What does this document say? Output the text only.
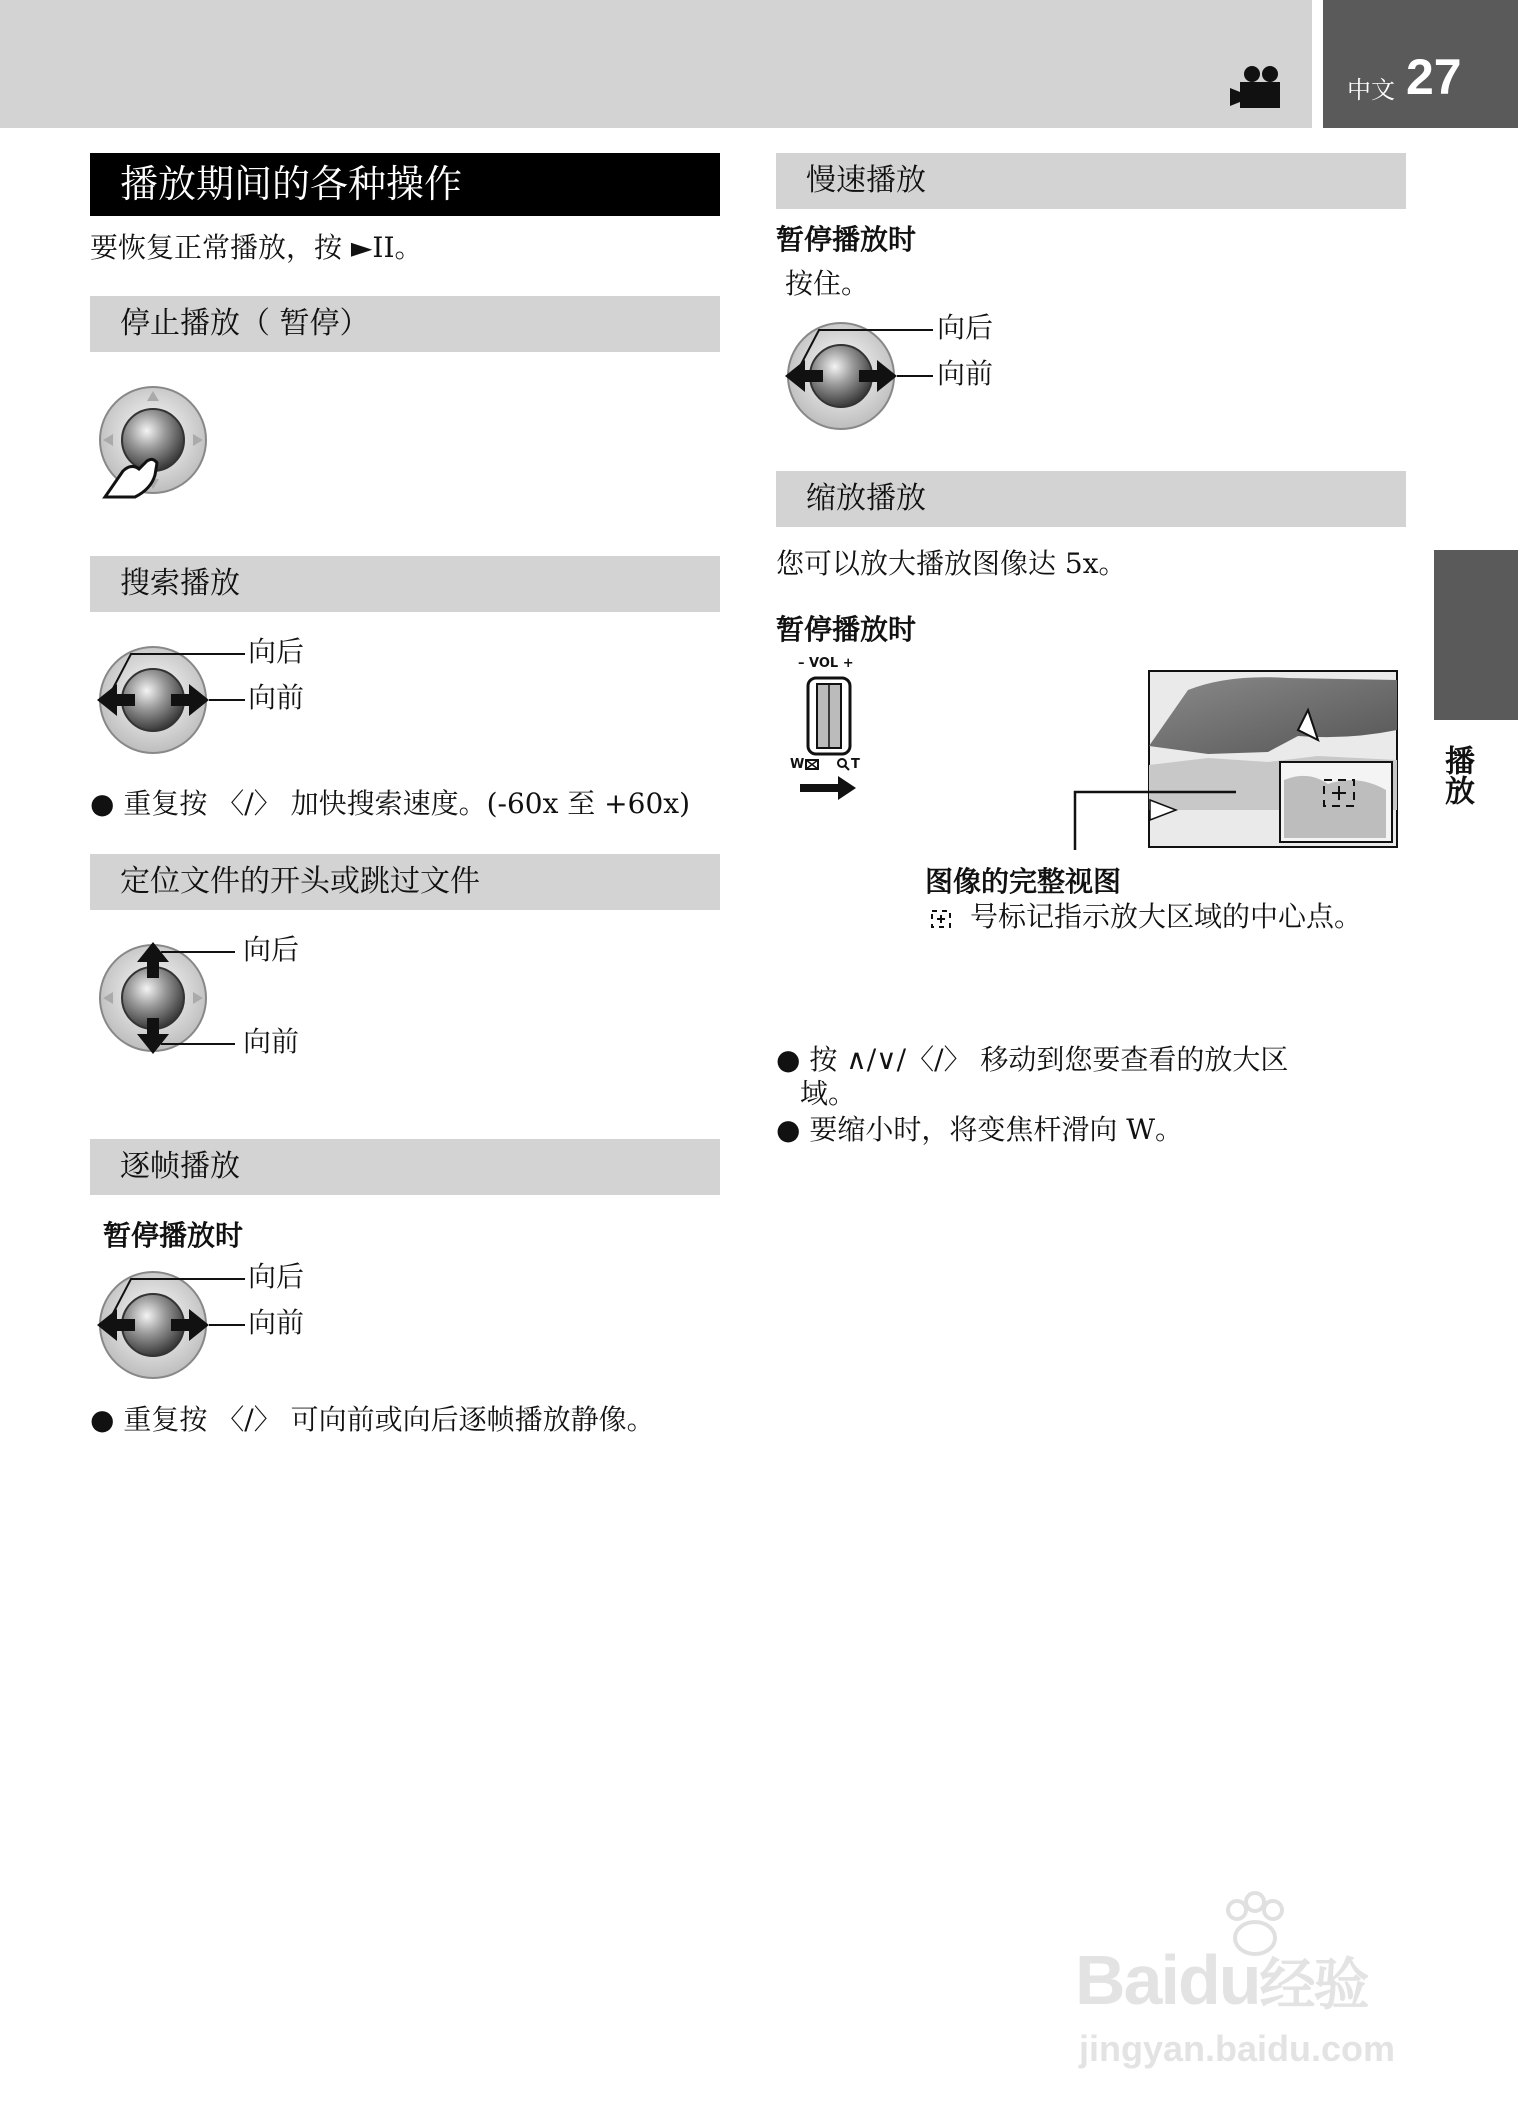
中文 27
播放期间的各种操作
要恢复正常播放，按 ►II。
停止播放（ 暂停）
搜索播放
向后
向前
● 重复按 〈/〉 加快搜索速度。(-60x 至 +60x)
定位文件的开头或跳过文件
向后
向前
逐帧播放
暂停播放时
向后
向前
● 重复按 〈/〉 可向前或向后逐帧播放静像。
慢速播放
暂停播放时
按住。
向后
向前
缩放播放
您可以放大播放图像达 5x。
暂停播放时
– VOL +
W	T
图像的完整视图
号标记指示放大区域的中心点。
● 按 ∧/∨/〈/〉 移动到您要查看的放大区
域。
● 要缩小时，将变焦杆滑向 W。
播放
Baidu经验
jingyan.baidu.com
